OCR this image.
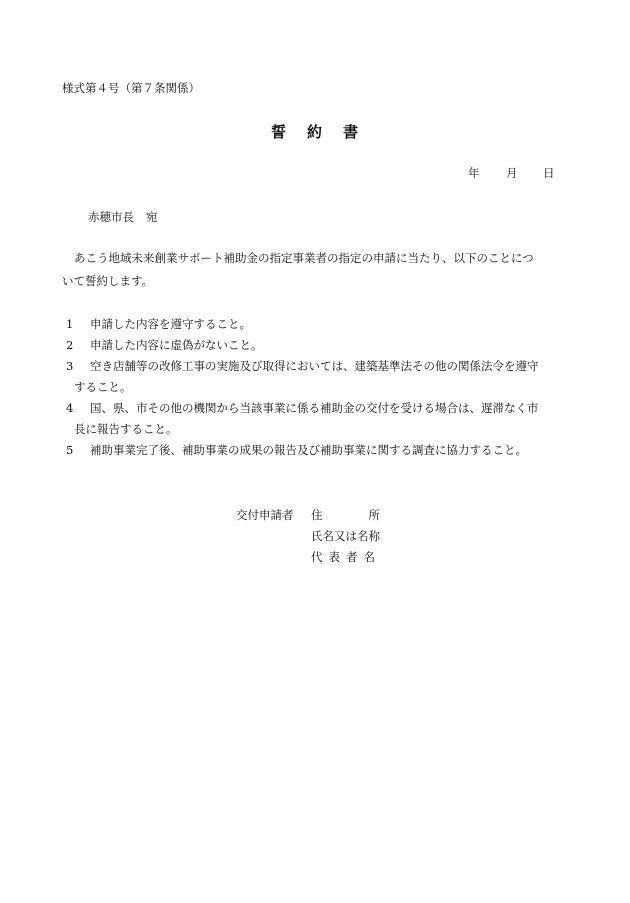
様式第４号（第７条関係）
誓 約 書
年 月 日
赤穂市長 宛
あこう地域未来創業サポート補助金の指定事業者の指定の申請に当たり、以下のことにつ
いて誓約します。
1 申請した内容を遵守すること。
2 申請した内容に虚偽がないこと。
3 空き店舗等の改修工事の実施及び取得においては、建築基準法その他の関係法令を遵守
すること。
4 国、県、市その他の機関から当該事業に係る補助金の交付を受ける場合は、遅滞なく市
長に報告すること。
5 補助事業完了後、補助事業の成果の報告及び補助事業に関する調査に協力すること。
交付申請者 住	所
氏名又は名称
代表者名
